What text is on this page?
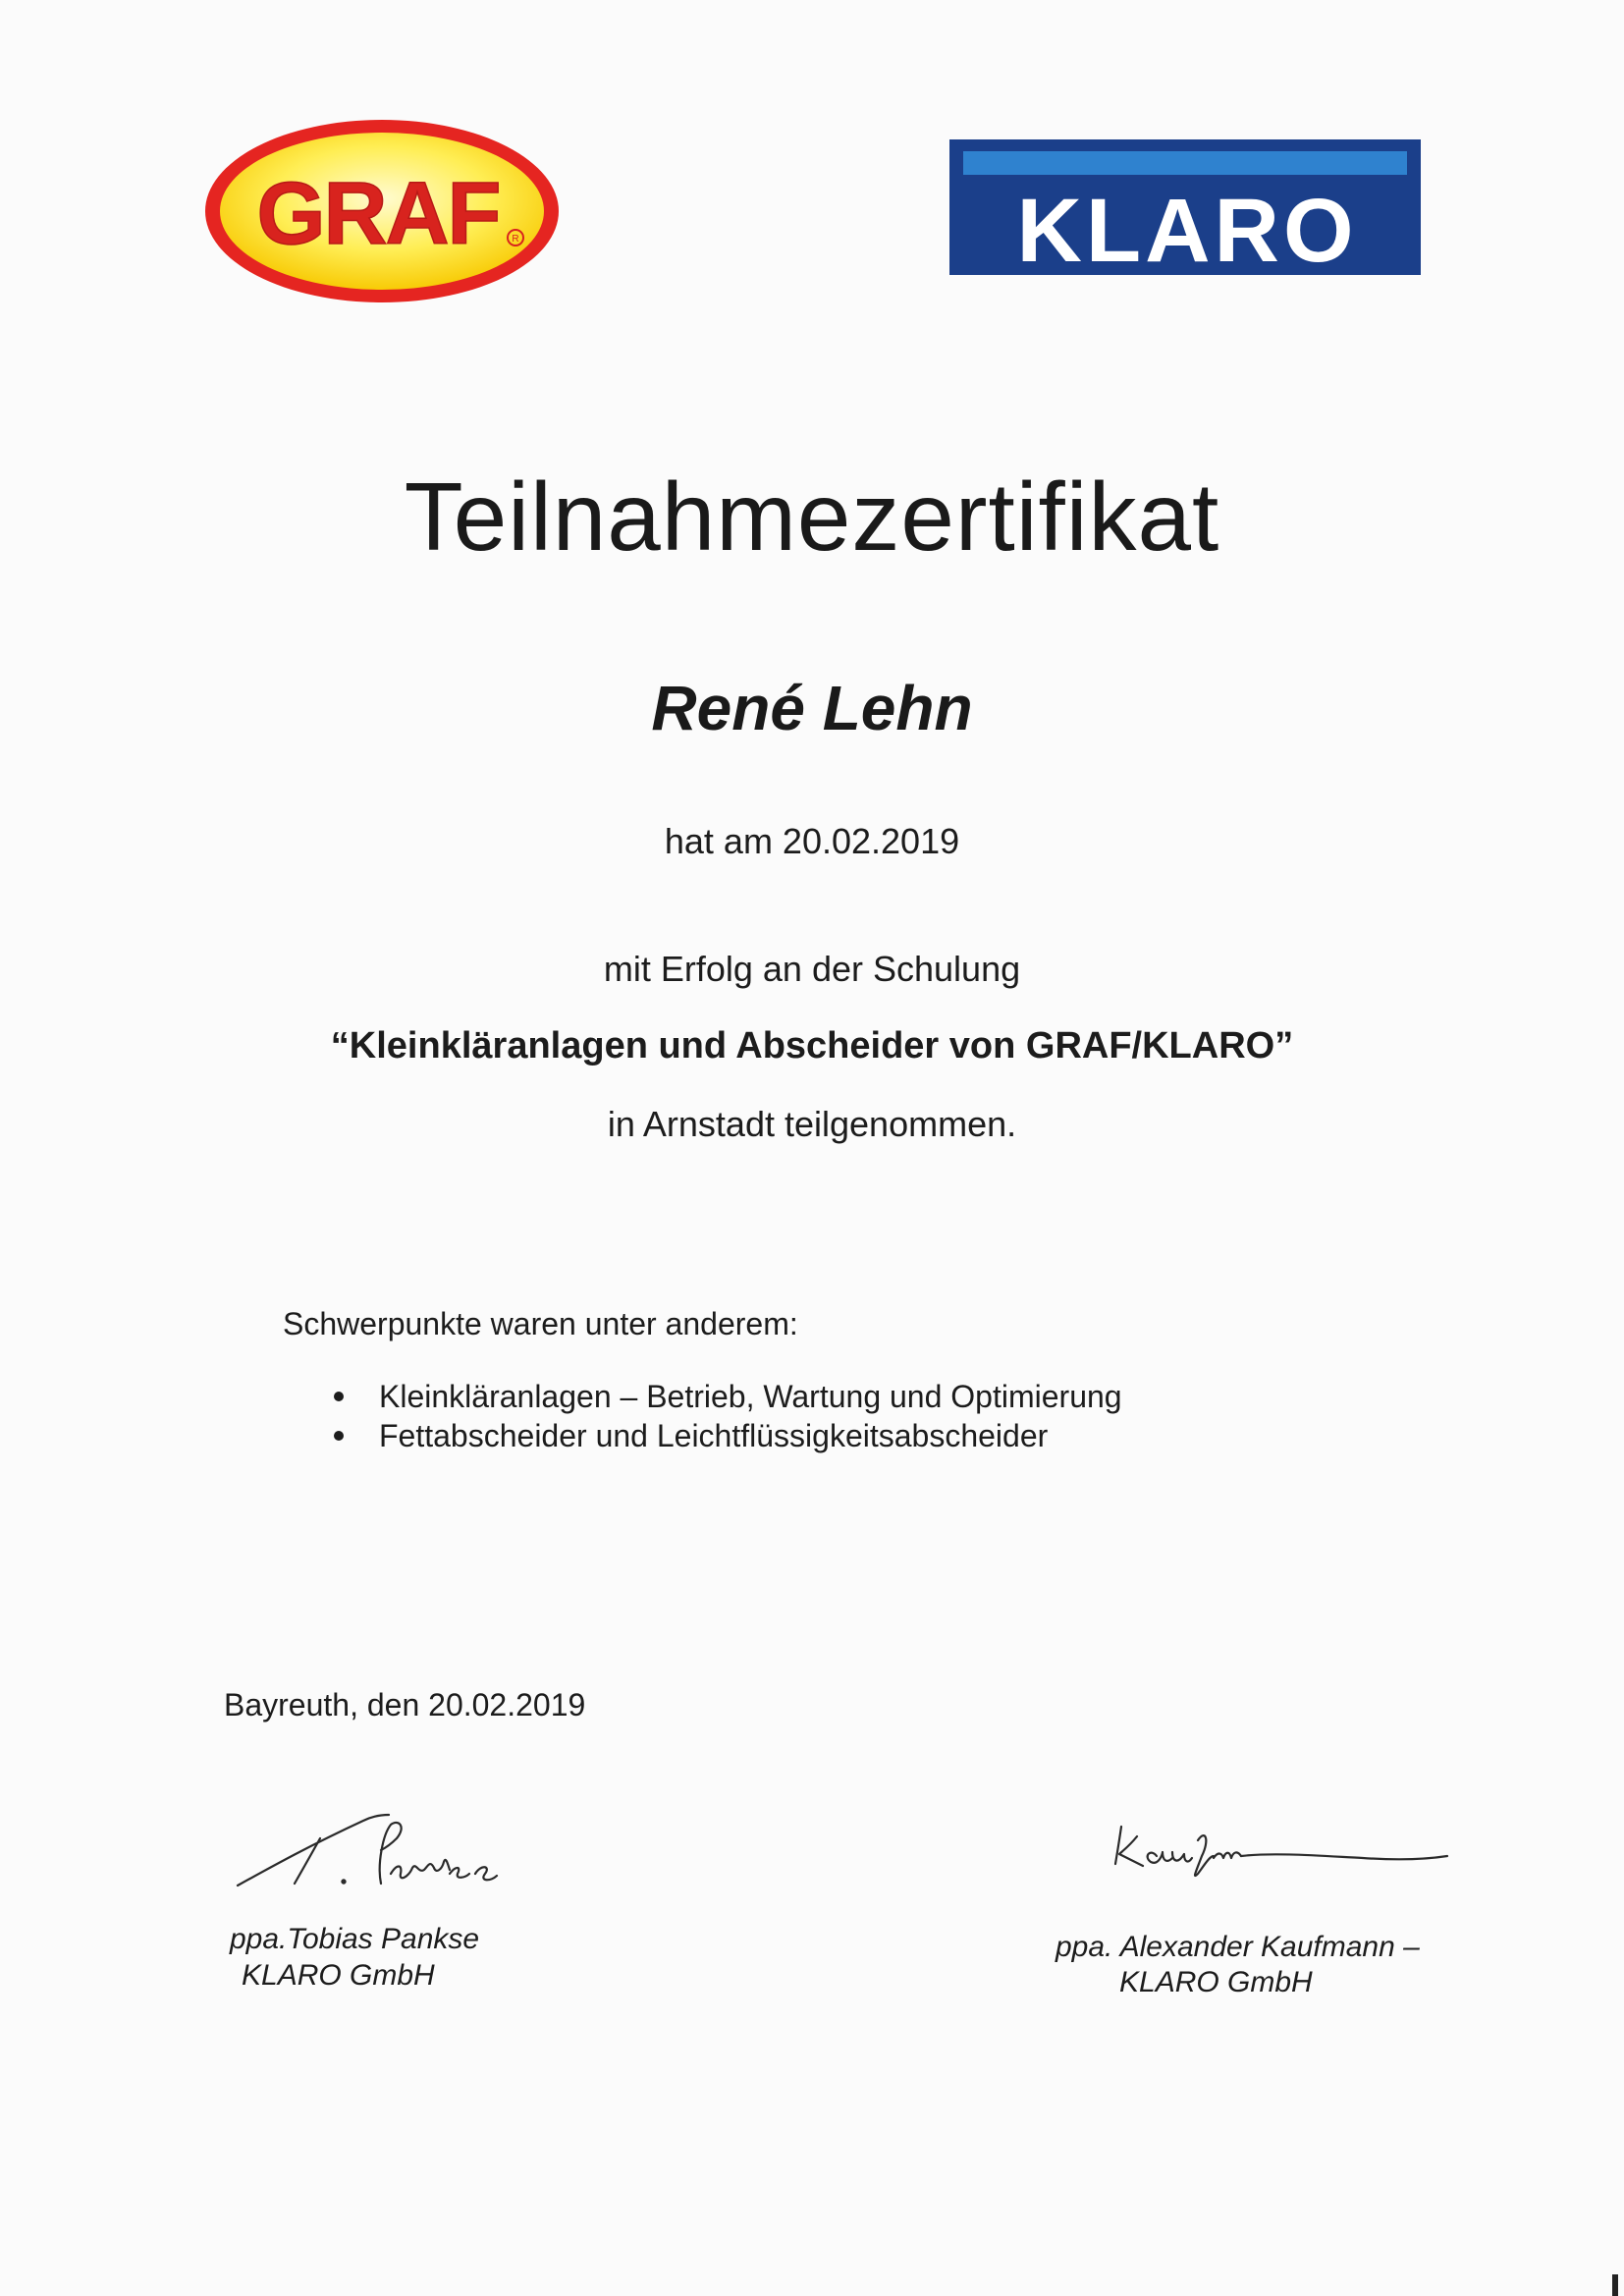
GRAF R	KLARO
Teilnahmezertifikat
René Lehn
hat am 20.02.2019
mit Erfolg an der Schulung
“Kleinkläranlagen und Abscheider von GRAF/KLARO”
in Arnstadt teilgenommen.
Schwerpunkte waren unter anderem:
Kleinkläranlagen – Betrieb, Wartung und Optimierung
Fettabscheider und Leichtflüssigkeitsabscheider
Bayreuth, den 20.02.2019
ppa.Tobias Pankse
KLARO GmbH
ppa. Alexander Kaufmann –
KLARO GmbH
